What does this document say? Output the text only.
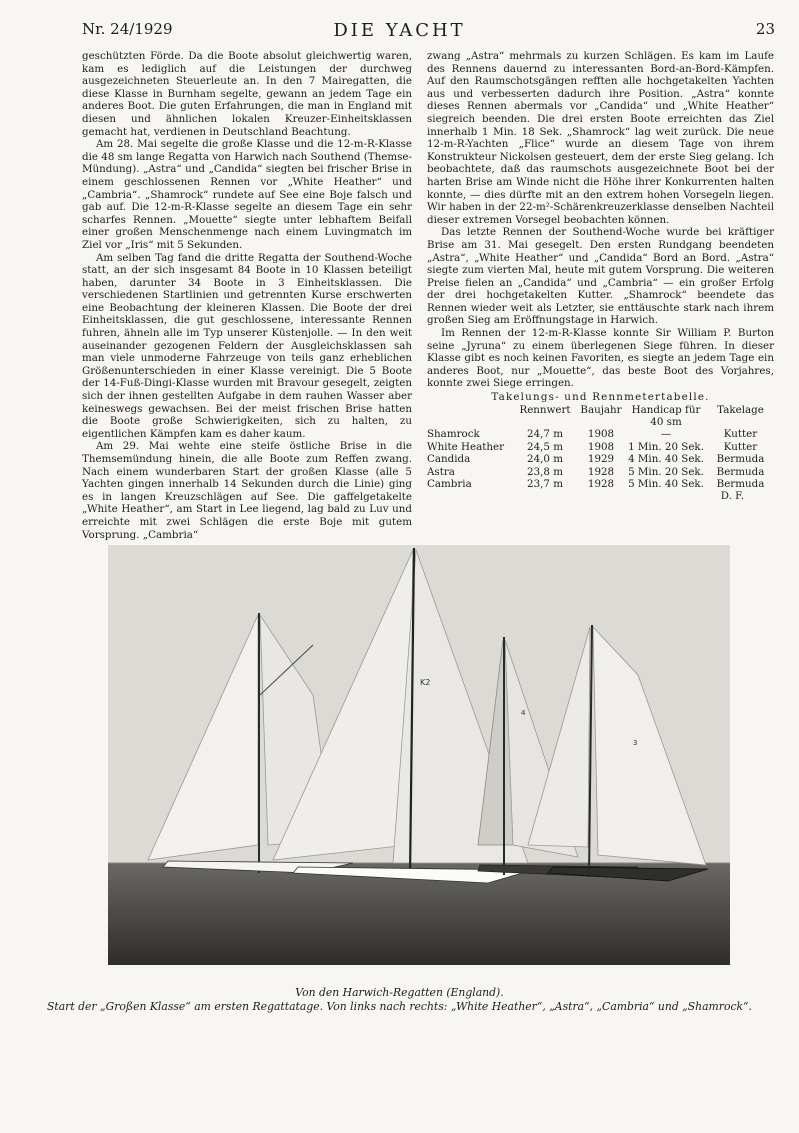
Nr. 24/1929	DIE YACHT	23

geschützten Förde. Da die Boote absolut gleichwertig waren, kam es lediglich auf die Leistungen der durchweg ausgezeichneten Steuerleute an. In den 7 Mairegatten, die diese Klasse in Burnham segelte, gewann an jedem Tage ein anderes Boot. Die guten Erfahrungen, die man in England mit diesen und ähnlichen lokalen Kreuzer-Einheitsklassen gemacht hat, verdienen in Deutschland Beachtung.

Am 28. Mai segelte die große Klasse und die 12-m-R-Klasse die 48 sm lange Regatta von Harwich nach Southend (Themse-Mündung). „Astra“ und „Candida“ siegten bei frischer Brise in einem geschlossenen Rennen vor „White Heather“ und „Cambria“. „Shamrock“ rundete auf See eine Boje falsch und gab auf. Die 12-m-R-Klasse segelte an diesem Tage ein sehr scharfes Rennen. „Mouette“ siegte unter lebhaftem Beifall einer großen Menschenmenge nach einem Luvingmatch im Ziel vor „Iris“ mit 5 Sekunden.

Am selben Tag fand die dritte Regatta der Southend-Woche statt, an der sich insgesamt 84 Boote in 10 Klassen beteiligt haben, darunter 34 Boote in 3 Einheitsklassen. Die verschiedenen Startlinien und getrennten Kurse erschwerten eine Beobachtung der kleineren Klassen. Die Boote der drei Einheitsklassen, die gut geschlossene, interessante Rennen fuhren, ähneln alle im Typ unserer Küstenjolle. — In den weit auseinander gezogenen Feldern der Ausgleichsklassen sah man viele unmoderne Fahrzeuge von teils ganz erheblichen Größenunterschieden in einer Klasse vereinigt. Die 5 Boote der 14-Fuß-Dingi-Klasse wurden mit Bravour gesegelt, zeigten sich der ihnen gestellten Aufgabe in dem rauhen Wasser aber keineswegs gewachsen. Bei der meist frischen Brise hatten die Boote große Schwierigkeiten, sich zu halten, zu eigentlichen Kämpfen kam es daher kaum.

Am 29. Mai wehte eine steife östliche Brise in die Themsemündung hinein, die alle Boote zum Reffen zwang. Nach einem wunderbaren Start der großen Klasse (alle 5 Yachten gingen innerhalb 14 Sekunden durch die Linie) ging es in langen Kreuzschlägen auf See. Die gaffelgetakelte „White Heather“, am Start in Lee liegend, lag bald zu Luv und erreichte mit zwei Schlägen die erste Boje mit gutem Vorsprung. „Cambria“

zwang „Astra“ mehrmals zu kurzen Schlägen. Es kam im Laufe des Rennens dauernd zu interessanten Bord-an-Bord-Kämpfen. Auf den Raumschotsgängen refften alle hochgetakelten Yachten aus und verbesserten dadurch ihre Position. „Astra“ konnte dieses Rennen abermals vor „Candida“ und „White Heather“ siegreich beenden. Die drei ersten Boote erreichten das Ziel innerhalb 1 Min. 18 Sek. „Shamrock“ lag weit zurück. Die neue 12-m-R-Yachten „Flice“ wurde an diesem Tage von ihrem Konstrukteur Nickolsen gesteuert, dem der erste Sieg gelang. Ich beobachtete, daß das raumschots ausgezeichnete Boot bei der harten Brise am Winde nicht die Höhe ihrer Konkurrenten halten konnte, — dies dürfte mit an den extrem hohen Vorsegeln liegen. Wir haben in der 22-m²-Schärenkreuzerklasse denselben Nachteil dieser extremen Vorsegel beobachten können.

Das letzte Rennen der Southend-Woche wurde bei kräftiger Brise am 31. Mai gesegelt. Den ersten Rundgang beendeten „Astra“, „White Heather“ und „Candida“ Bord an Bord. „Astra“ siegte zum vierten Mal, heute mit gutem Vorsprung. Die weiteren Preise fielen an „Candida“ und „Cambria“ — ein großer Erfolg der drei hochgetakelten Kutter. „Shamrock“ beendete das Rennen wieder weit als Letzter, sie enttäuschte stark nach ihrem großen Sieg am Eröffnungstage in Harwich.

Im Rennen der 12-m-R-Klasse konnte Sir William P. Burton seine „Jyruna“ zu einem überlegenen Siege führen. In dieser Klasse gibt es noch keinen Favoriten, es siegte an jedem Tage ein anderes Boot, nur „Mouette“, das beste Boot des Vorjahres, konnte zwei Siege erringen.

Takelungs- und Rennmetertabelle.
	Rennwert	Baujahr	Handicap für 40 sm	Takelage
Shamrock	24,7 m	1908	—	Kutter
White Heather	24,5 m	1908	1 Min. 20 Sek.	Kutter
Candida	24,0 m	1929	4 Min. 40 Sek.	Bermuda
Astra	23,8 m	1928	5 Min. 20 Sek.	Bermuda
Cambria	23,7 m	1928	5 Min. 40 Sek.	Bermuda
D. F.
K2
4
3
Von den Harwich-Regatten (England).
Start der „Großen Klasse“ am ersten Regattatage. Von links nach rechts: „White Heather“, „Astra“, „Cambria“ und „Shamrock“.
